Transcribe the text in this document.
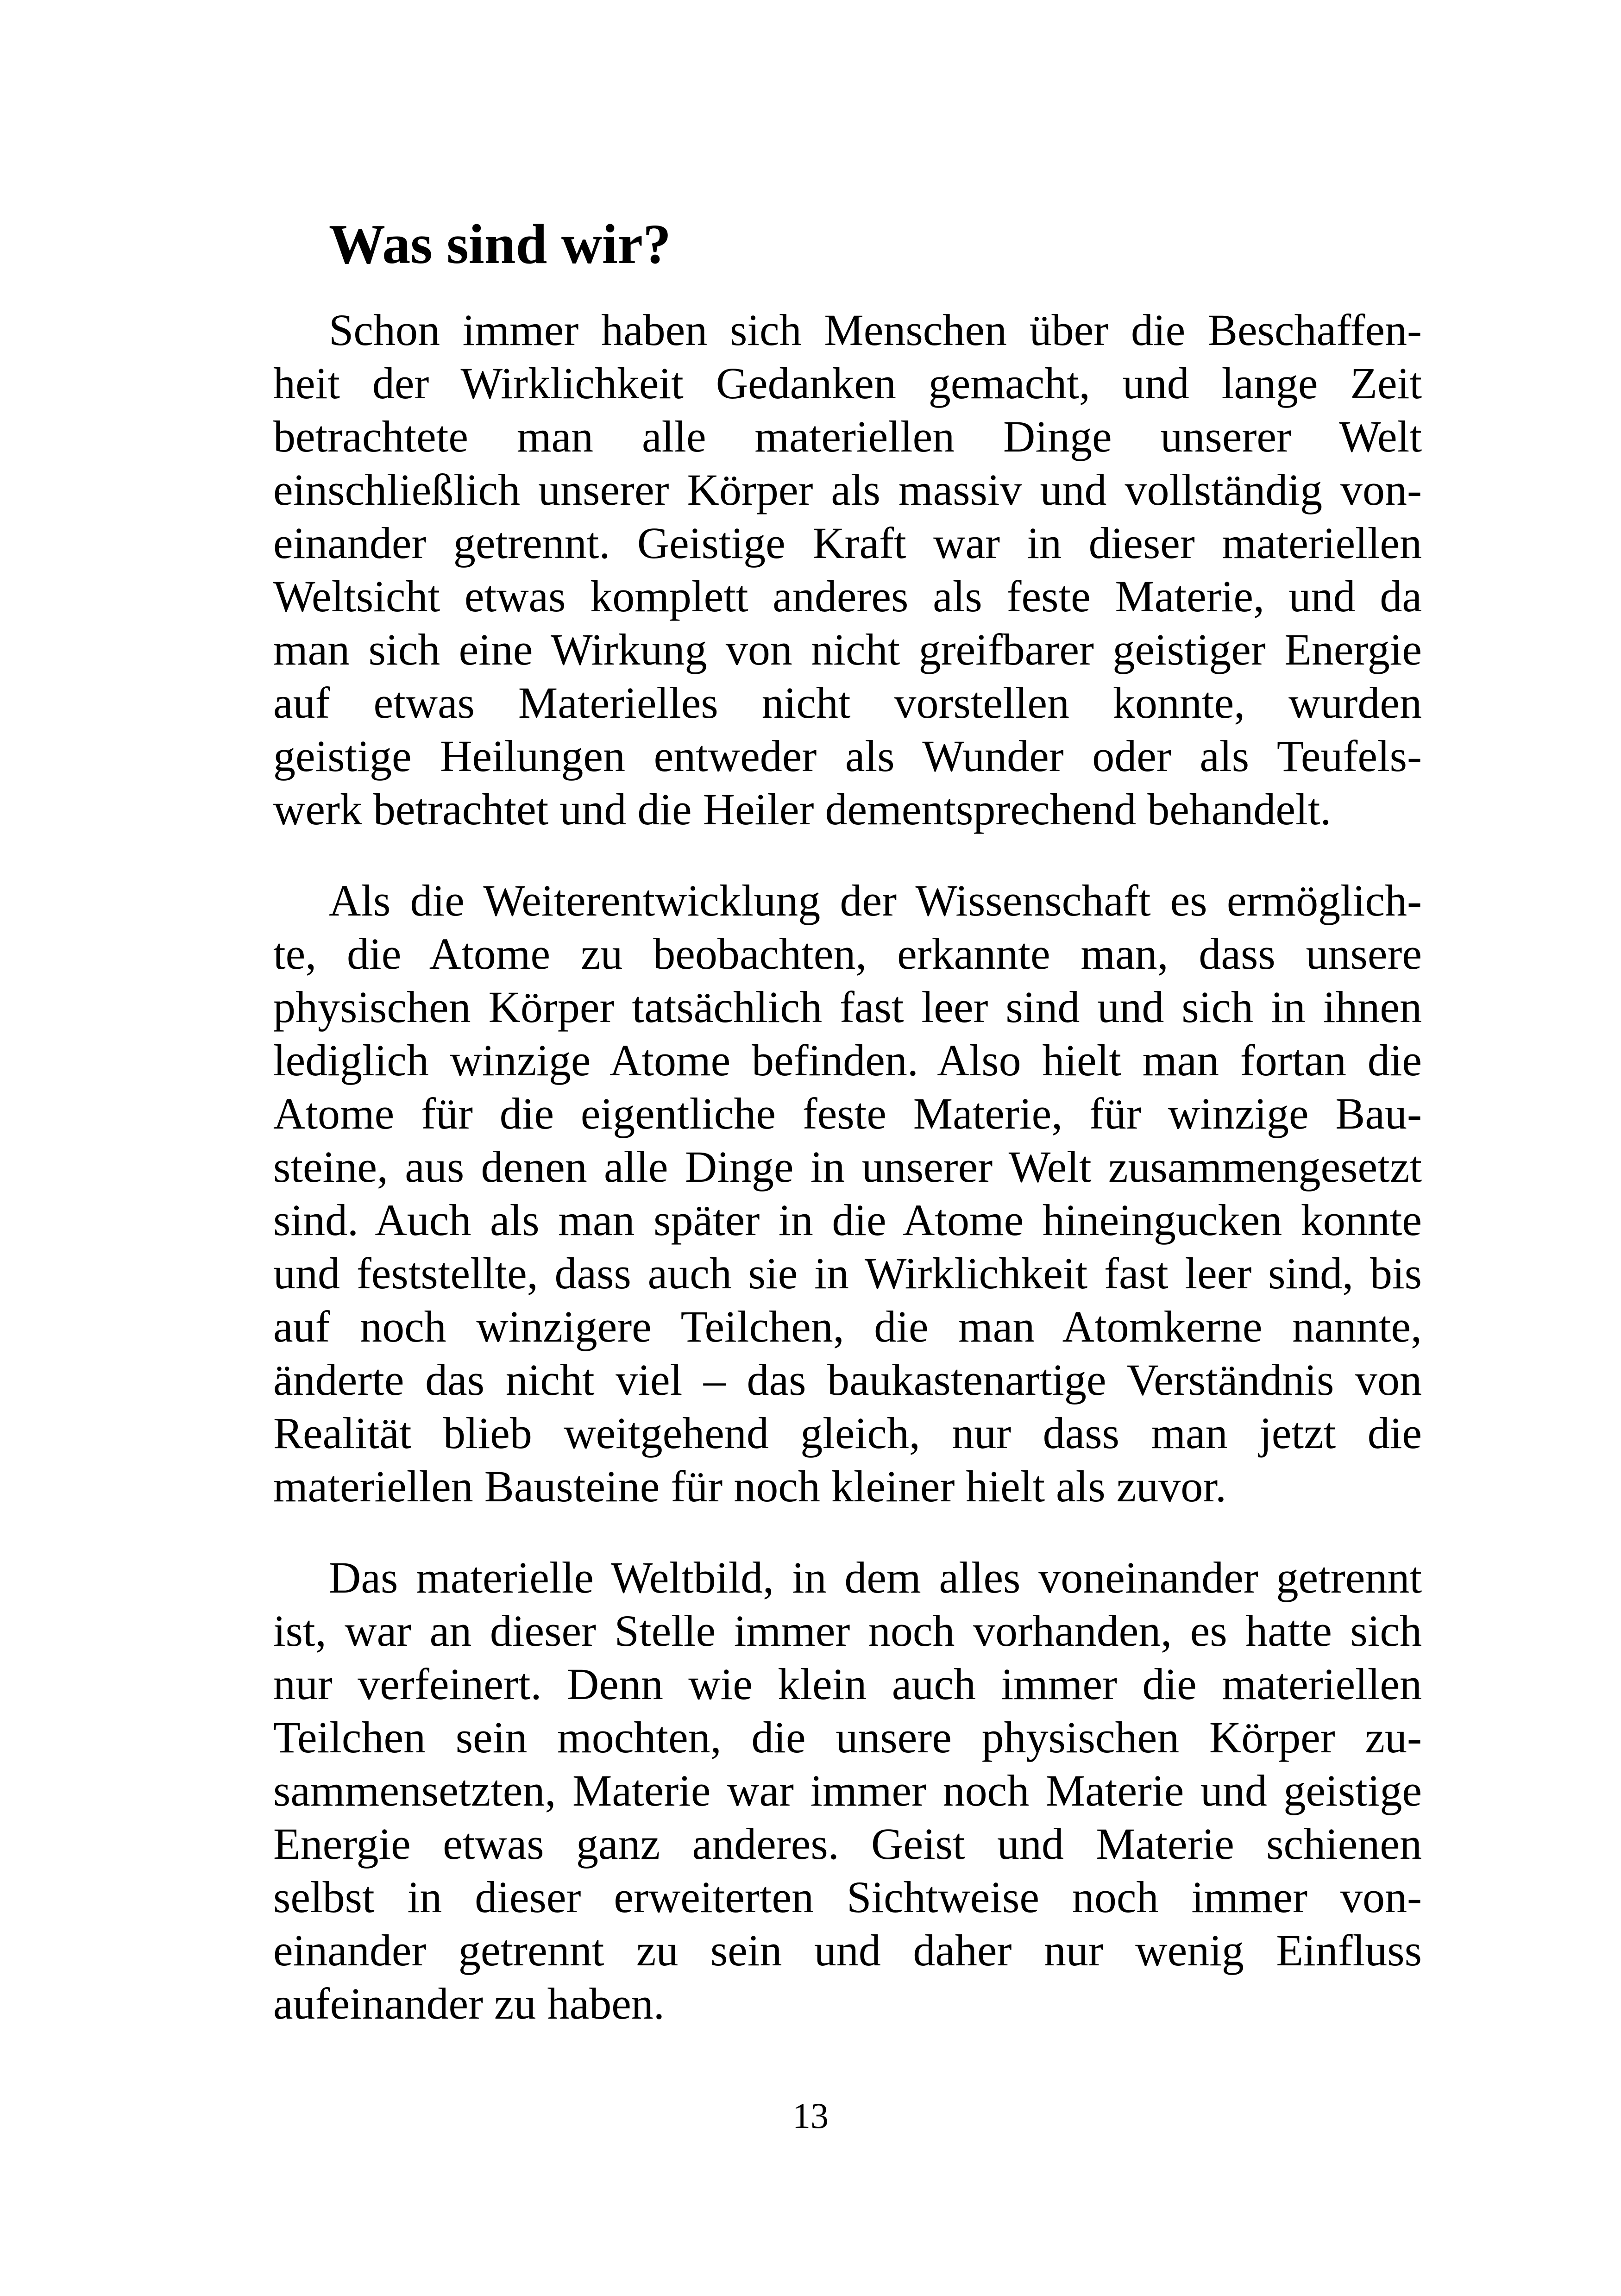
Was sind wir?

Schon immer haben sich Menschen über die Beschaffen-
heit der Wirklichkeit Gedanken gemacht, und lange Zeit
betrachtete man alle materiellen Dinge unserer Welt
einschließlich unserer Körper als massiv und vollständig von-
einander getrennt. Geistige Kraft war in dieser materiellen
Weltsicht etwas komplett anderes als feste Materie, und da
man sich eine Wirkung von nicht greifbarer geistiger Energie
auf etwas Materielles nicht vorstellen konnte, wurden
geistige Heilungen entweder als Wunder oder als Teufels-
werk betrachtet und die Heiler dementsprechend behandelt.

Als die Weiterentwicklung der Wissenschaft es ermöglich-
te, die Atome zu beobachten, erkannte man, dass unsere
physischen Körper tatsächlich fast leer sind und sich in ihnen
lediglich winzige Atome befinden. Also hielt man fortan die
Atome für die eigentliche feste Materie, für winzige Bau-
steine, aus denen alle Dinge in unserer Welt zusammengesetzt
sind. Auch als man später in die Atome hineingucken konnte
und feststellte, dass auch sie in Wirklichkeit fast leer sind, bis
auf noch winzigere Teilchen, die man Atomkerne nannte,
änderte das nicht viel – das baukastenartige Verständnis von
Realität blieb weitgehend gleich, nur dass man jetzt die
materiellen Bausteine für noch kleiner hielt als zuvor.

Das materielle Weltbild, in dem alles voneinander getrennt
ist, war an dieser Stelle immer noch vorhanden, es hatte sich
nur verfeinert. Denn wie klein auch immer die materiellen
Teilchen sein mochten, die unsere physischen Körper zu-
sammensetzten, Materie war immer noch Materie und geistige
Energie etwas ganz anderes. Geist und Materie schienen
selbst in dieser erweiterten Sichtweise noch immer von-
einander getrennt zu sein und daher nur wenig Einfluss
aufeinander zu haben.

13
